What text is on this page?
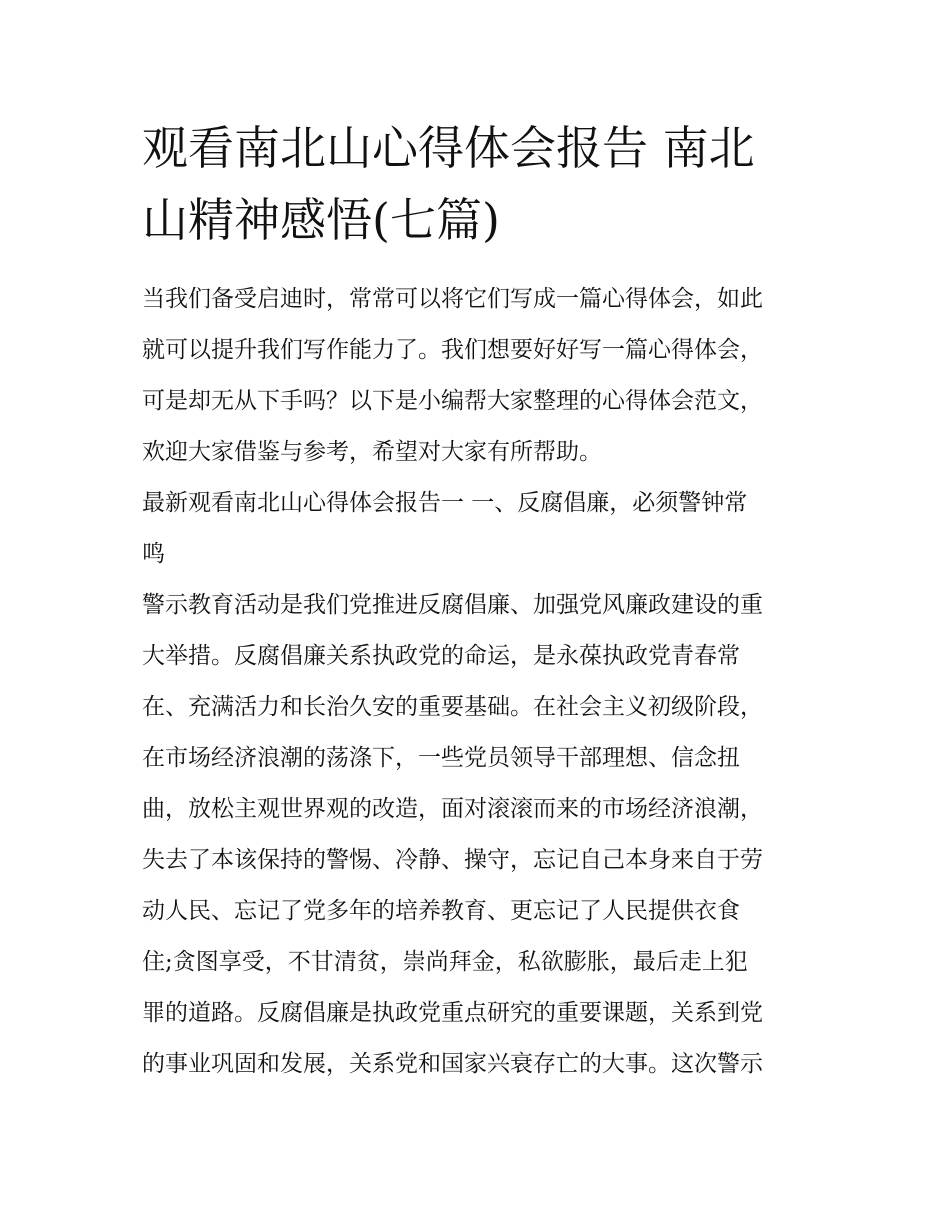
观看南北山心得体会报告 南北
山精神感悟(七篇)
当我们备受启迪时，常常可以将它们写成一篇心得体会，如此
就可以提升我们写作能力了。我们想要好好写一篇心得体会，
可是却无从下手吗？以下是小编帮大家整理的心得体会范文，
欢迎大家借鉴与参考，希望对大家有所帮助。
最新观看南北山心得体会报告一 一、反腐倡廉，必须警钟常
鸣
警示教育活动是我们党推进反腐倡廉、加强党风廉政建设的重
大举措。反腐倡廉关系执政党的命运，是永葆执政党青春常
在、充满活力和长治久安的重要基础。在社会主义初级阶段，
在市场经济浪潮的荡涤下，一些党员领导干部理想、信念扭
曲，放松主观世界观的改造，面对滚滚而来的市场经济浪潮，
失去了本该保持的警惕、冷静、操守，忘记自己本身来自于劳
动人民、忘记了党多年的培养教育、更忘记了人民提供衣食
住;贪图享受，不甘清贫，崇尚拜金，私欲膨胀，最后走上犯
罪的道路。反腐倡廉是执政党重点研究的重要课题，关系到党
的事业巩固和发展，关系党和国家兴衰存亡的大事。这次警示
